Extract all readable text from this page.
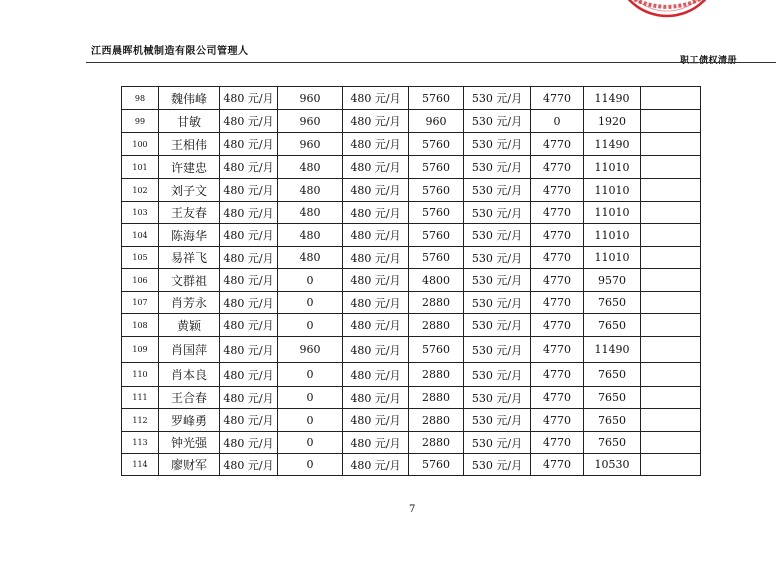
江西晨晖机械制造有限公司管理人
职工债权清册
98	魏伟峰	480 元/月	960	480 元/月	5760	530 元/月	4770	11490	
99	甘敏	480 元/月	960	480 元/月	960	530 元/月	0	1920	
100	王相伟	480 元/月	960	480 元/月	5760	530 元/月	4770	11490	
101	许建忠	480 元/月	480	480 元/月	5760	530 元/月	4770	11010	
102	刘子文	480 元/月	480	480 元/月	5760	530 元/月	4770	11010	
103	王友春	480 元/月	480	480 元/月	5760	530 元/月	4770	11010	
104	陈海华	480 元/月	480	480 元/月	5760	530 元/月	4770	11010	
105	易祥飞	480 元/月	480	480 元/月	5760	530 元/月	4770	11010	
106	文群祖	480 元/月	0	480 元/月	4800	530 元/月	4770	9570	
107	肖芳永	480 元/月	0	480 元/月	2880	530 元/月	4770	7650	
108	黄颖	480 元/月	0	480 元/月	2880	530 元/月	4770	7650	
109	肖国萍	480 元/月	960	480 元/月	5760	530 元/月	4770	11490	
110	肖本良	480 元/月	0	480 元/月	2880	530 元/月	4770	7650	
111	王合春	480 元/月	0	480 元/月	2880	530 元/月	4770	7650	
112	罗峰勇	480 元/月	0	480 元/月	2880	530 元/月	4770	7650	
113	钟光强	480 元/月	0	480 元/月	2880	530 元/月	4770	7650	
114	廖财军	480 元/月	0	480 元/月	5760	530 元/月	4770	10530	
7
